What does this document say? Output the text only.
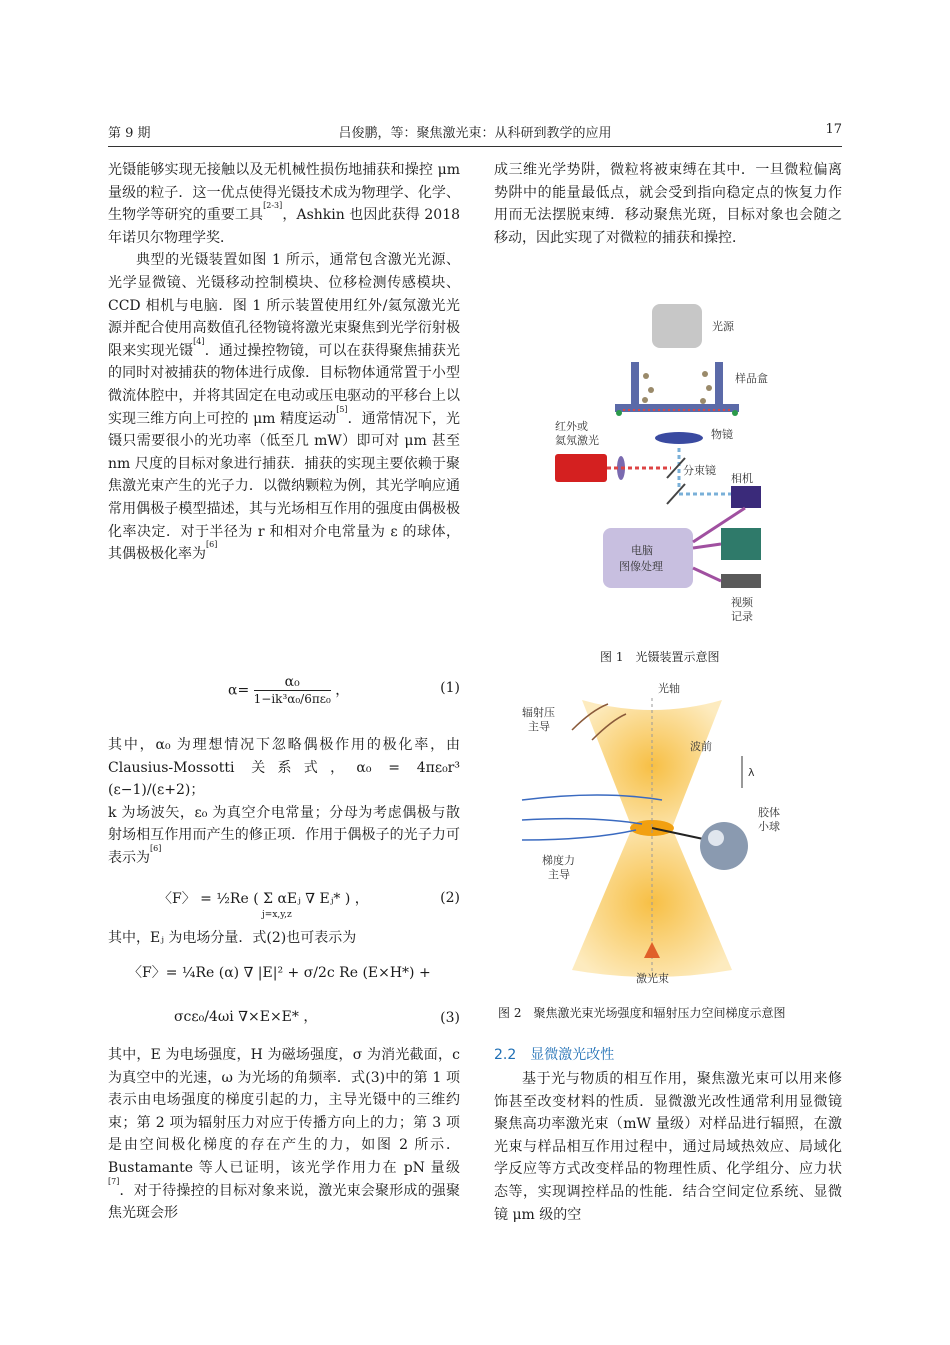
第 9 期	吕俊鹏，等：聚焦激光束：从科研到教学的应用	17

光镊能够实现无接触以及无机械性损伤地捕获和操控 μm 量级的粒子．这一优点使得光镊技术成为物理学、化学、生物学等研究的重要工具[2-3]，Ashkin 也因此获得 2018 年诺贝尔物理学奖．

典型的光镊装置如图 1 所示，通常包含激光光源、光学显微镜、光镊移动控制模块、位移检测传感模块、CCD 相机与电脑．图 1 所示装置使用红外/氦氖激光光源并配合使用高数值孔径物镜将激光束聚焦到光学衍射极限来实现光镊[4]．通过操控物镜，可以在获得聚焦捕获光的同时对被捕获的物体进行成像．目标物体通常置于小型微流体腔中，并将其固定在电动或压电驱动的平移台上以实现三维方向上可控的 μm 精度运动[5]．通常情况下，光镊只需要很小的光功率（低至几 mW）即可对 μm 甚至 nm 尺度的目标对象进行捕获．捕获的实现主要依赖于聚焦激光束产生的光子力．以微纳颗粒为例，其光学响应通常用偶极子模型描述，其与光场相互作用的强度由偶极极化率决定．对于半径为 r 和相对介电常量为 ε 的球体，其偶极极化率为[6]

$\alpha= \frac{\text{α₀}}{\text{1−ik³α₀/6πε₀}}$ ，	(1)

其中，α₀ 为理想情况下忽略偶极作用的极化率，由 Clausius-Mossotti 关系式，α₀ = 4πε₀r³ (ε−1)/(ε+2)；

k 为场波矢，ε₀ 为真空介电常量；分母为考虑偶极与散射场相互作用而产生的修正项．作用于偶极子的光子力可表示为[6]

〈F〉 = ½Re ( Σ αEⱼ ∇ Eⱼ* ) ，
j=x,y,z
(2)

其中，Eⱼ 为电场分量．式(2)也可表示为

〈F〉= ¼Re (α) ∇ |E|² + σ/2c Re (E×H*) +
σcε₀/4ωi ∇×E×E* ，	(3)

其中，E 为电场强度，H 为磁场强度，σ 为消光截面，c 为真空中的光速，ω 为光场的角频率．式(3)中的第 1 项表示由电场强度的梯度引起的力，主导光镊中的三维约束；第 2 项为辐射压力对应于传播方向上的力；第 3 项是由空间极化梯度的存在产生的力，如图 2 所示．Bustamante 等人已证明，该光学作用力在 pN 量级[7]．对于待操控的目标对象来说，激光束会聚形成的强聚焦光斑会形

成三维光学势阱，微粒将被束缚在其中．一旦微粒偏离势阱中的能量最低点，就会受到指向稳定点的恢复力作用而无法摆脱束缚．移动聚焦光斑，目标对象也会随之移动，因此实现了对微粒的捕获和操控．

光源
样品盒
物镜
红外或
氦氖激光
分束镜
相机
电脑
图像处理
视频
记录
图 1　光镊装置示意图
光轴
辐射压
主导
波前
λ
胶体
小球
梯度力
主导
激光束
图 2　聚焦激光束光场强度和辐射压力空间梯度示意图
2.2　显微激光改性

基于光与物质的相互作用，聚焦激光束可以用来修饰甚至改变材料的性质．显微激光改性通常利用显微镜聚焦高功率激光束（mW 量级）对样品进行辐照，在激光束与样品相互作用过程中，通过局域热效应、局域化学反应等方式改变样品的物理性质、化学组分、应力状态等，实现调控样品的性能．结合空间定位系统、显微镜 μm 级的空
